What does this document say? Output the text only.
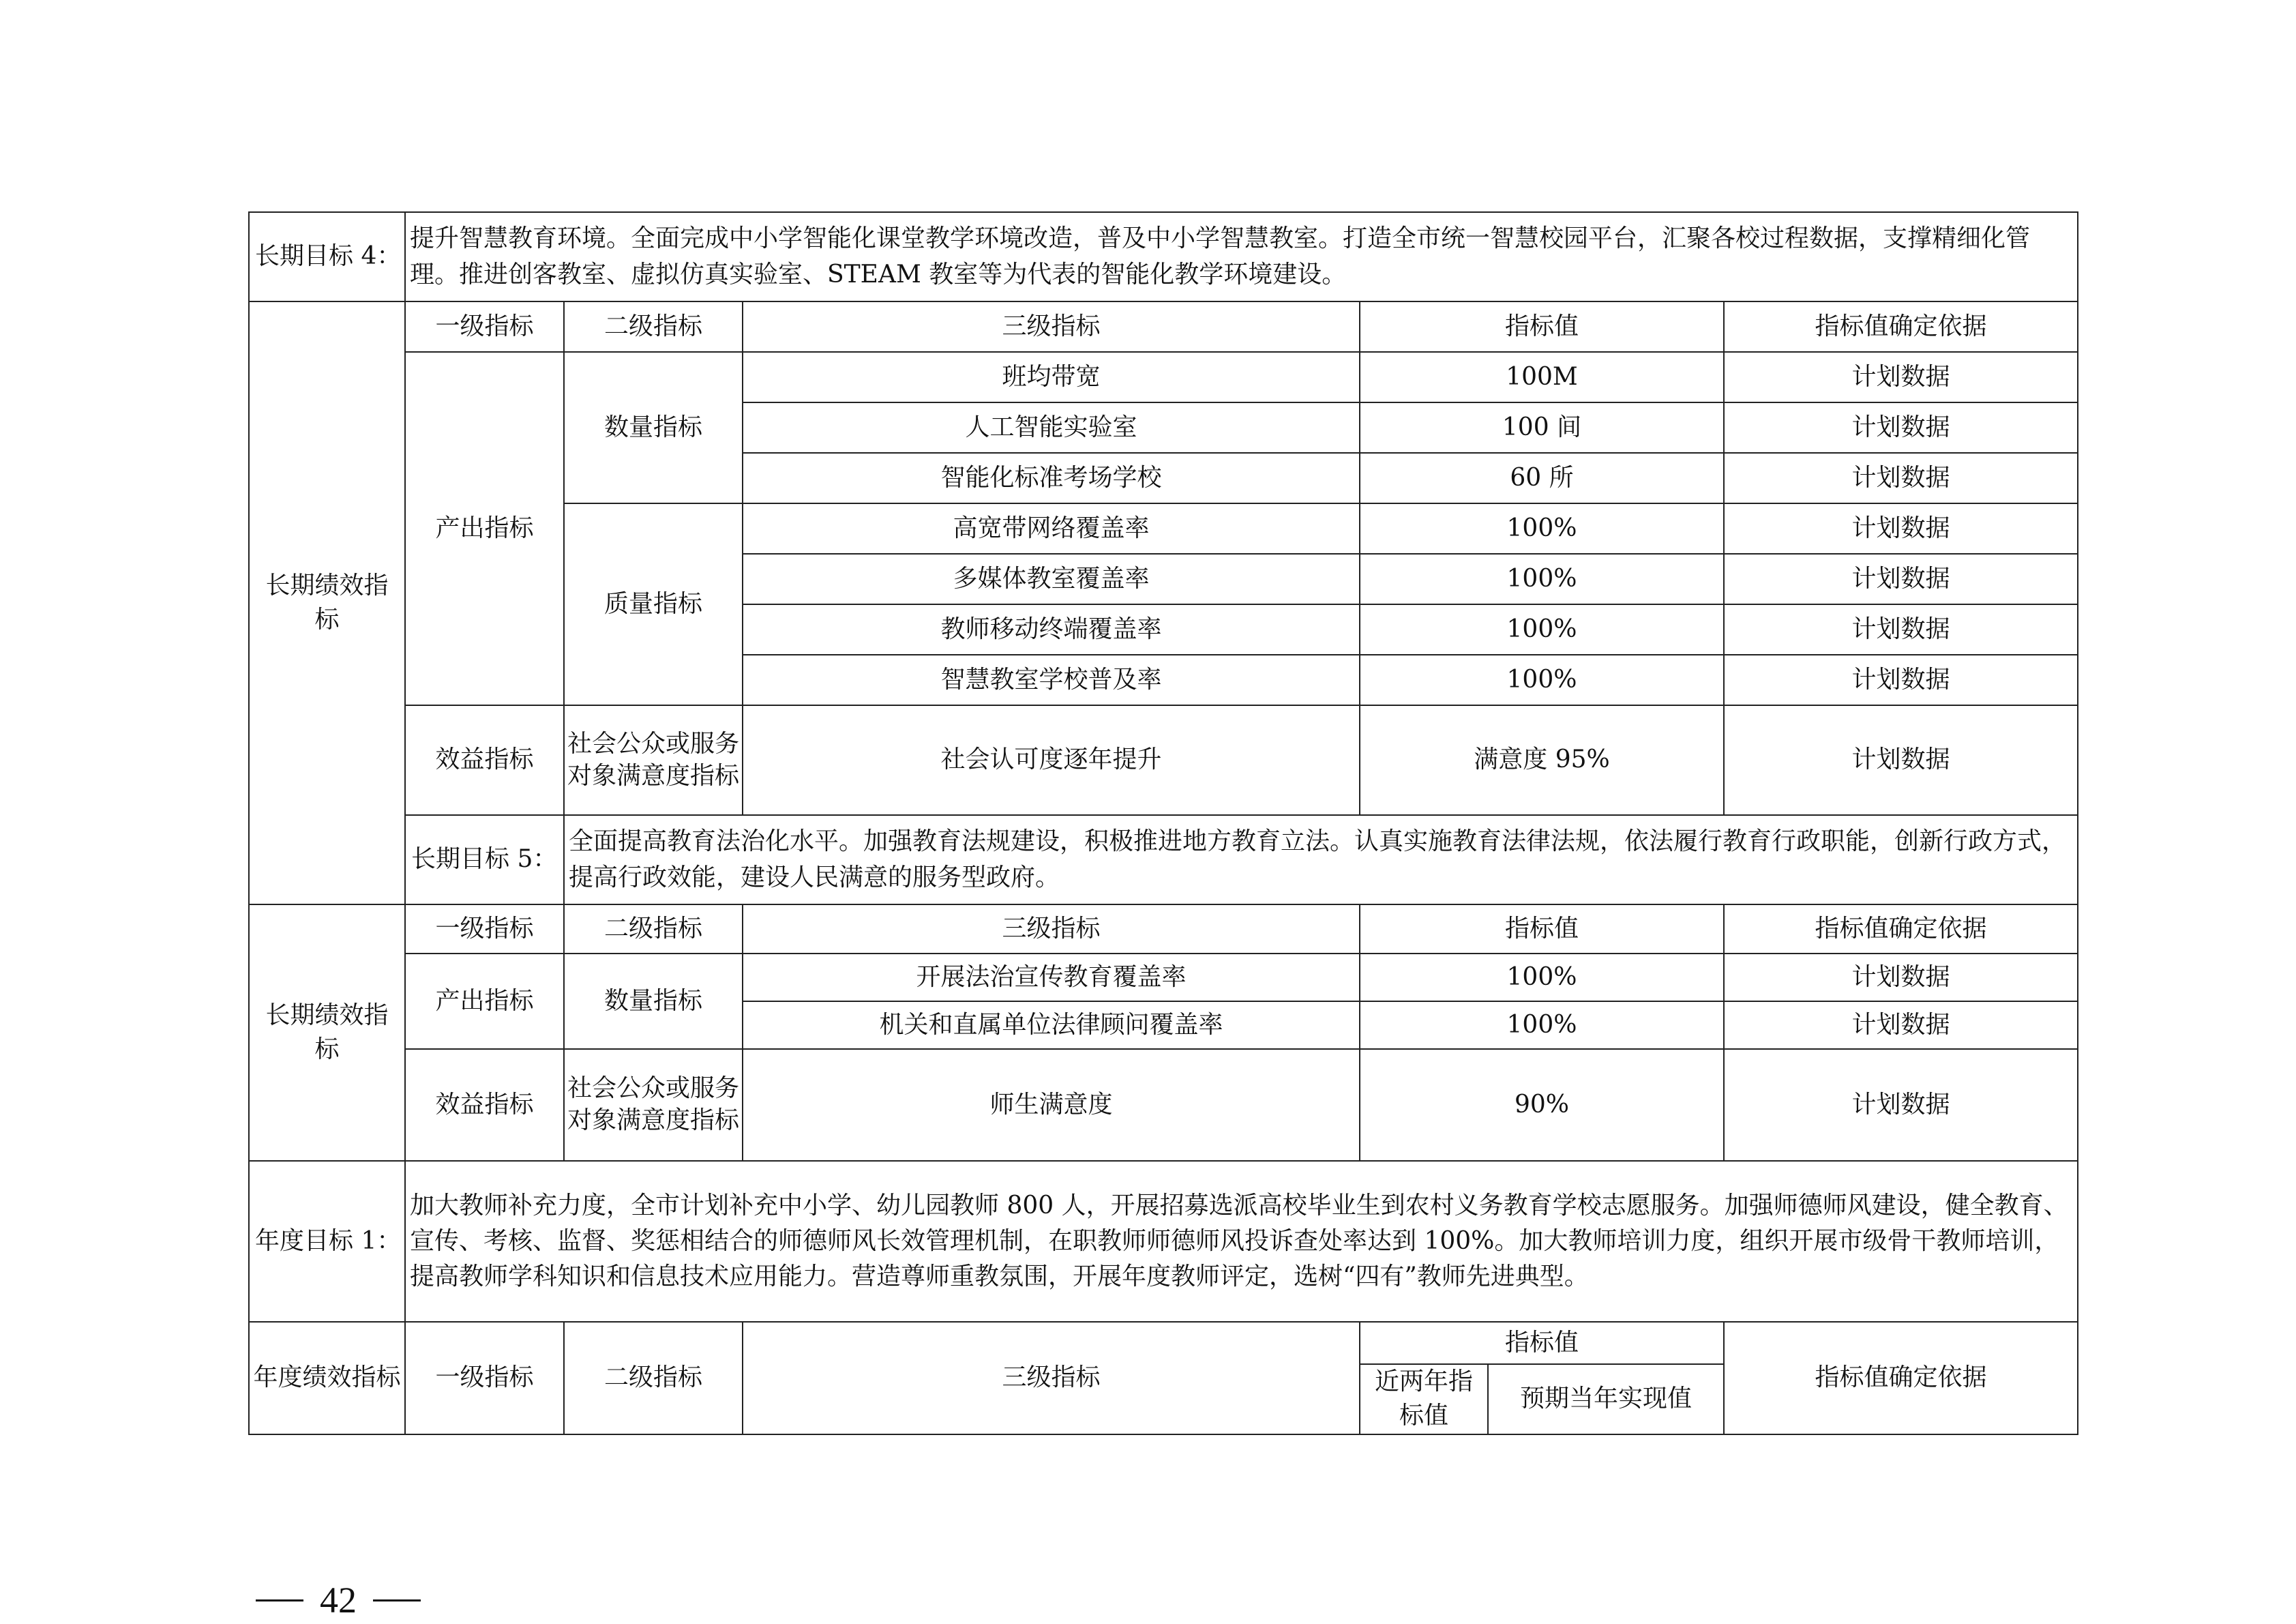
长期目标 4：	提升智慧教育环境。全面完成中小学智能化课堂教学环境改造，普及中小学智慧教室。打造全市统一智慧校园平台，汇聚各校过程数据，支撑精细化管理。推进创客教室、虚拟仿真实验室、STEAM 教室等为代表的智能化教学环境建设。					
长期绩效指标	一级指标	二级指标	三级指标	指标值		指标值确定依据
	产出指标	数量指标	班均带宽	100M		计划数据
			人工智能实验室	100 间		计划数据
			智能化标准考场学校	60 所		计划数据
		质量指标	高宽带网络覆盖率	100%		计划数据
			多媒体教室覆盖率	100%		计划数据
			教师移动终端覆盖率	100%		计划数据
			智慧教室学校普及率	100%		计划数据
	效益指标	社会公众或服务对象满意度指标	社会认可度逐年提升	满意度 95%		计划数据
	长期目标 5：	全面提高教育法治化水平。加强教育法规建设，积极推进地方教育立法。认真实施教育法律法规，依法履行教育行政职能，创新行政方式，提高行政效能，建设人民满意的服务型政府。				
长期绩效指标	一级指标	二级指标	三级指标	指标值		指标值确定依据
	产出指标	数量指标	开展法治宣传教育覆盖率	100%		计划数据
			机关和直属单位法律顾问覆盖率	100%		计划数据
	效益指标	社会公众或服务对象满意度指标	师生满意度	90%		计划数据
年度目标 1：	加大教师补充力度，全市计划补充中小学、幼儿园教师 800 人，开展招募选派高校毕业生到农村义务教育学校志愿服务。加强师德师风建设，健全教育、宣传、考核、监督、奖惩相结合的师德师风长效管理机制，在职教师师德师风投诉查处率达到 100%。加大教师培训力度，组织开展市级骨干教师培训，提高教师学科知识和信息技术应用能力。营造尊师重教氛围，开展年度教师评定，选树“四有”教师先进典型。					
年度绩效指标	一级指标	二级指标	三级指标	指标值		指标值确定依据
				近两年指标值	预期当年实现值	
42
